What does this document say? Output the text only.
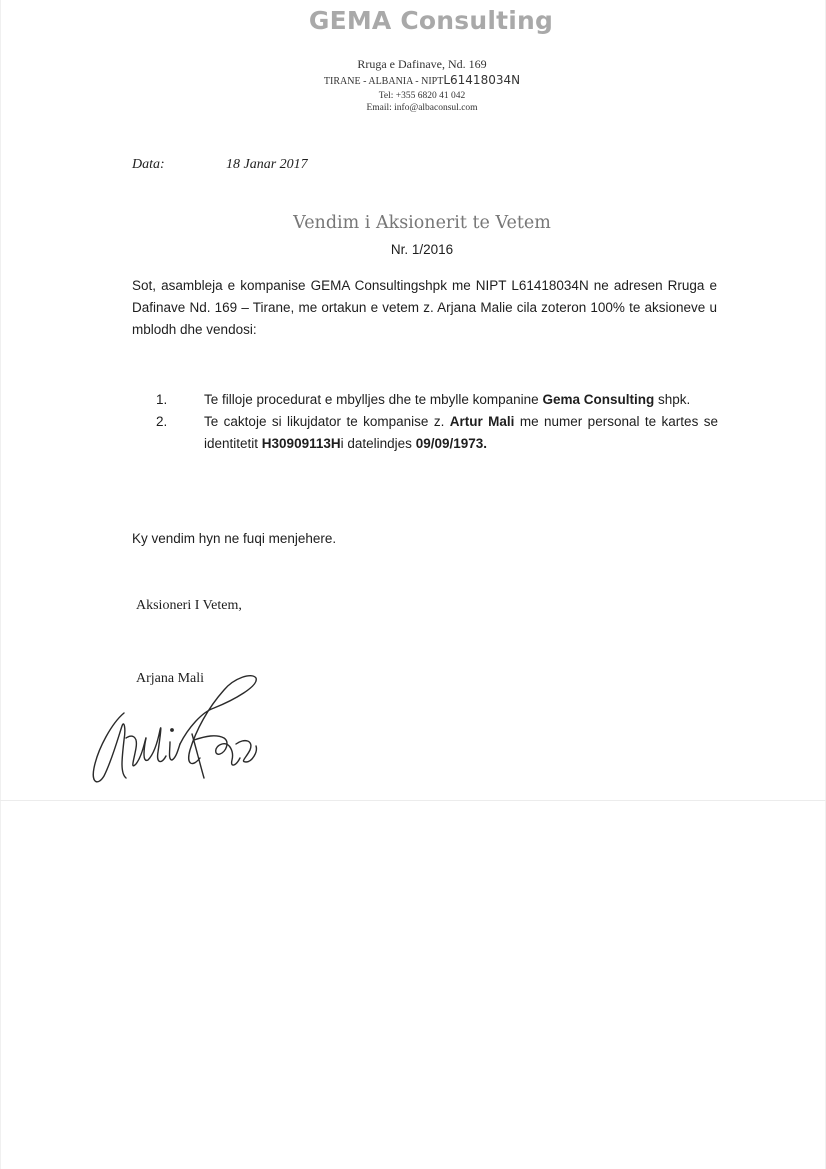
GEMA Consulting
Rruga e Dafinave, Nd. 169
TIRANE - ALBANIA - NIPTL61418034N
Tel: +355 6820 41 042
Email: info@albaconsul.com
Data:	18 Janar 2017
Vendim i Aksionerit te Vetem
Nr. 1/2016
Sot, asambleja e kompanise GEMA Consultingshpk me NIPT L61418034N ne adresen Rruga e Dafinave Nd. 169 – Tirane, me ortakun e vetem z. Arjana Malie cila zoteron 100% te aksioneve u mblodh dhe vendosi:
1.	Te filloje procedurat e mbylljes dhe te mbylle kompanine Gema Consulting shpk.
2.	Te caktoje si likujdator te kompanise z. Artur Mali me numer personal te kartes se identitetit H30909113Hi datelindjes 09/09/1973.
Ky vendim hyn ne fuqi menjehere.
Aksioneri I Vetem,
Arjana Mali
